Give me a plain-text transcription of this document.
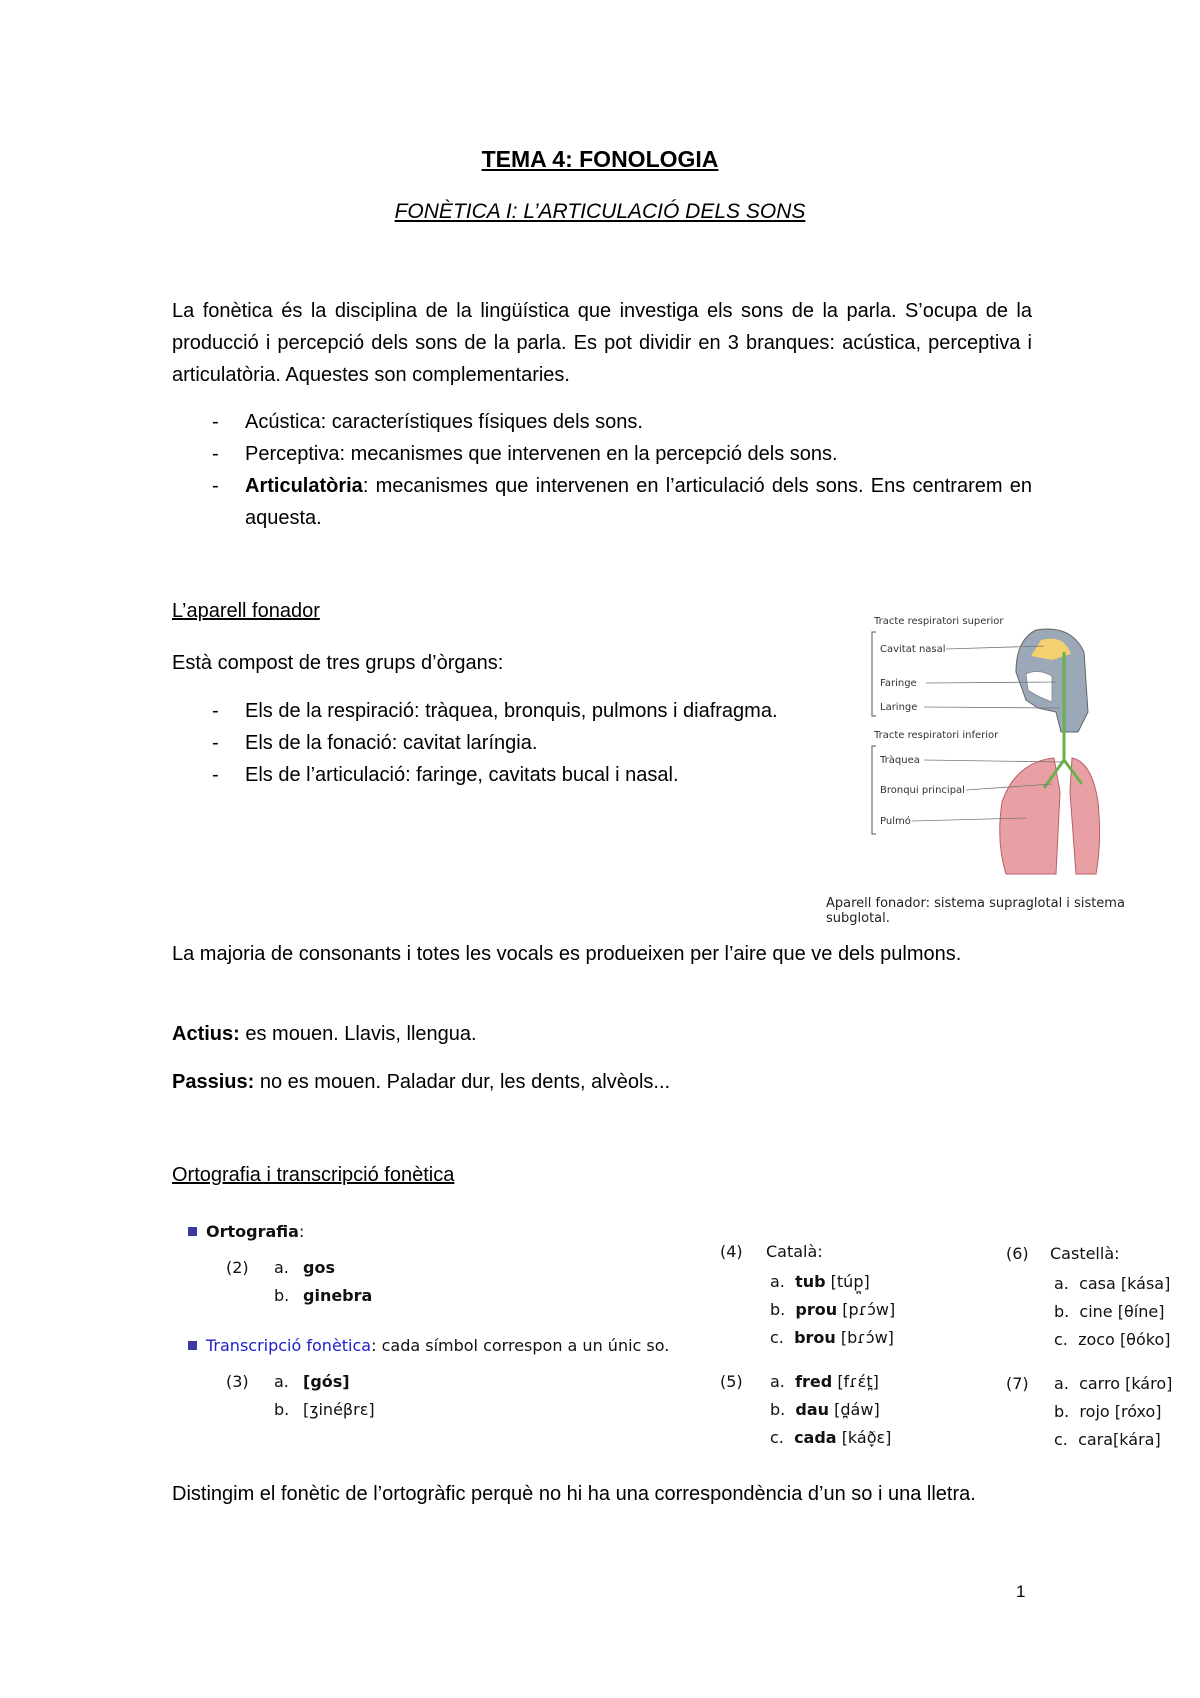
TEMA 4: FONOLOGIA
FONÈTICA I: L’ARTICULACIÓ DELS SONS
La fonètica és la disciplina de la lingüística que investiga els sons de la parla. S’ocupa de la producció i percepció dels sons de la parla. Es pot dividir en 3 branques: acústica, perceptiva i articulatòria. Aquestes son complementaries.
- Acústica: característiques físiques dels sons.
- Perceptiva: mecanismes que intervenen en la percepció dels sons.
- Articulatòria: mecanismes que intervenen en l’articulació dels sons. Ens centrarem en aquesta.
L’aparell fonador
Està compost de tres grups d’òrgans:
- Els de la respiració: tràquea, bronquis, pulmons i diafragma.
- Els de la fonació: cavitat laríngia.
- Els de l’articulació: faringe, cavitats bucal i nasal.
Tracte respiratori superior
Cavitat nasal
Faringe
Laringe
Tracte respiratori inferior
Tràquea
Bronqui principal
Pulmó
Aparell fonador: sistema supraglotal i sistema subglotal.
La majoria de consonants i totes les vocals es produeixen per l’aire que ve dels pulmons.
Actius: es mouen. Llavis, llengua.
Passius: no es mouen. Paladar dur, les dents, alvèols...
Ortografia i transcripció fonètica
Ortografia:
(2) a. gos
b. ginebra
Transcripció fonètica: cada símbol correspon a un únic so.
(3) a. [gós]
b. [ʒinéβrɛ]
(4) Català:
a. tub [túp̪]
b. prou [pɾɔ́w]
c. brou [bɾɔ́w]
(5) a. fred [fɾɛ́t̪]
b. dau [d̪áw]
c. cada [káð̞ɛ]
(6) Castellà:
a. casa [kása]
b. cine [θíne]
c. zoco [θóko]
(7) a. carro [káro]
b. rojo [róxo]
c. cara[kára]
Distingim el fonètic de l’ortogràfic perquè no hi ha una correspondència d’un so i una lletra.
1
